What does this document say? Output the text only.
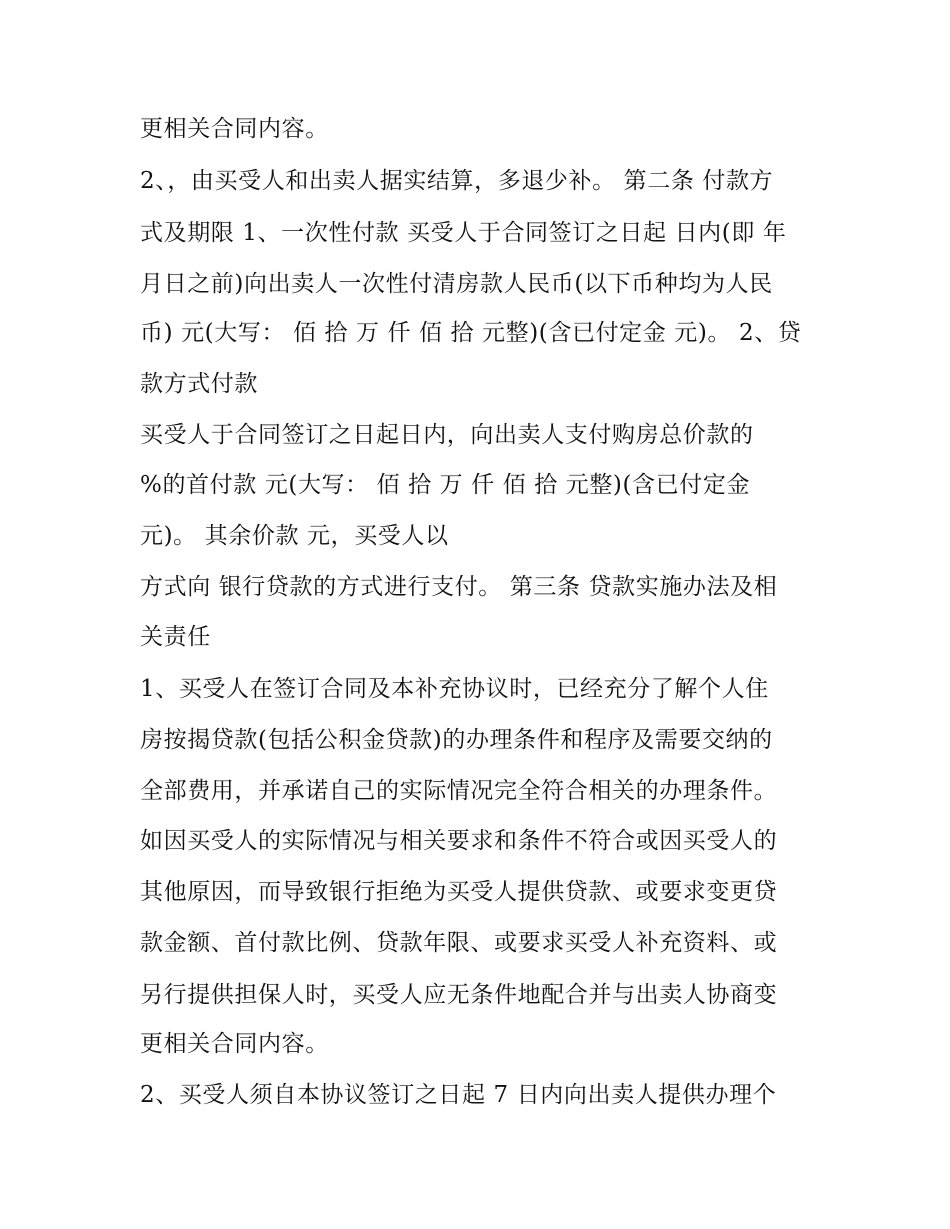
更相关合同内容。
2、，由买受人和出卖人据实结算，多退少补。 第二条 付款方
式及期限 1、一次性付款 买受人于合同签订之日起 日内(即 年
月日之前)向出卖人一次性付清房款人民币(以下币种均为人民
币) 元(大写： 佰 拾 万 仟 佰 拾 元整)(含已付定金 元)。 2、贷
款方式付款
买受人于合同签订之日起日内，向出卖人支付购房总价款的
%的首付款 元(大写： 佰 拾 万 仟 佰 拾 元整)(含已付定金
元)。 其余价款 元，买受人以
方式向 银行贷款的方式进行支付。 第三条 贷款实施办法及相
关责任
1、买受人在签订合同及本补充协议时，已经充分了解个人住
房按揭贷款(包括公积金贷款)的办理条件和程序及需要交纳的
全部费用，并承诺自己的实际情况完全符合相关的办理条件。
如因买受人的实际情况与相关要求和条件不符合或因买受人的
其他原因，而导致银行拒绝为买受人提供贷款、或要求变更贷
款金额、首付款比例、贷款年限、或要求买受人补充资料、或
另行提供担保人时，买受人应无条件地配合并与出卖人协商变
更相关合同内容。
2、买受人须自本协议签订之日起 7 日内向出卖人提供办理个
